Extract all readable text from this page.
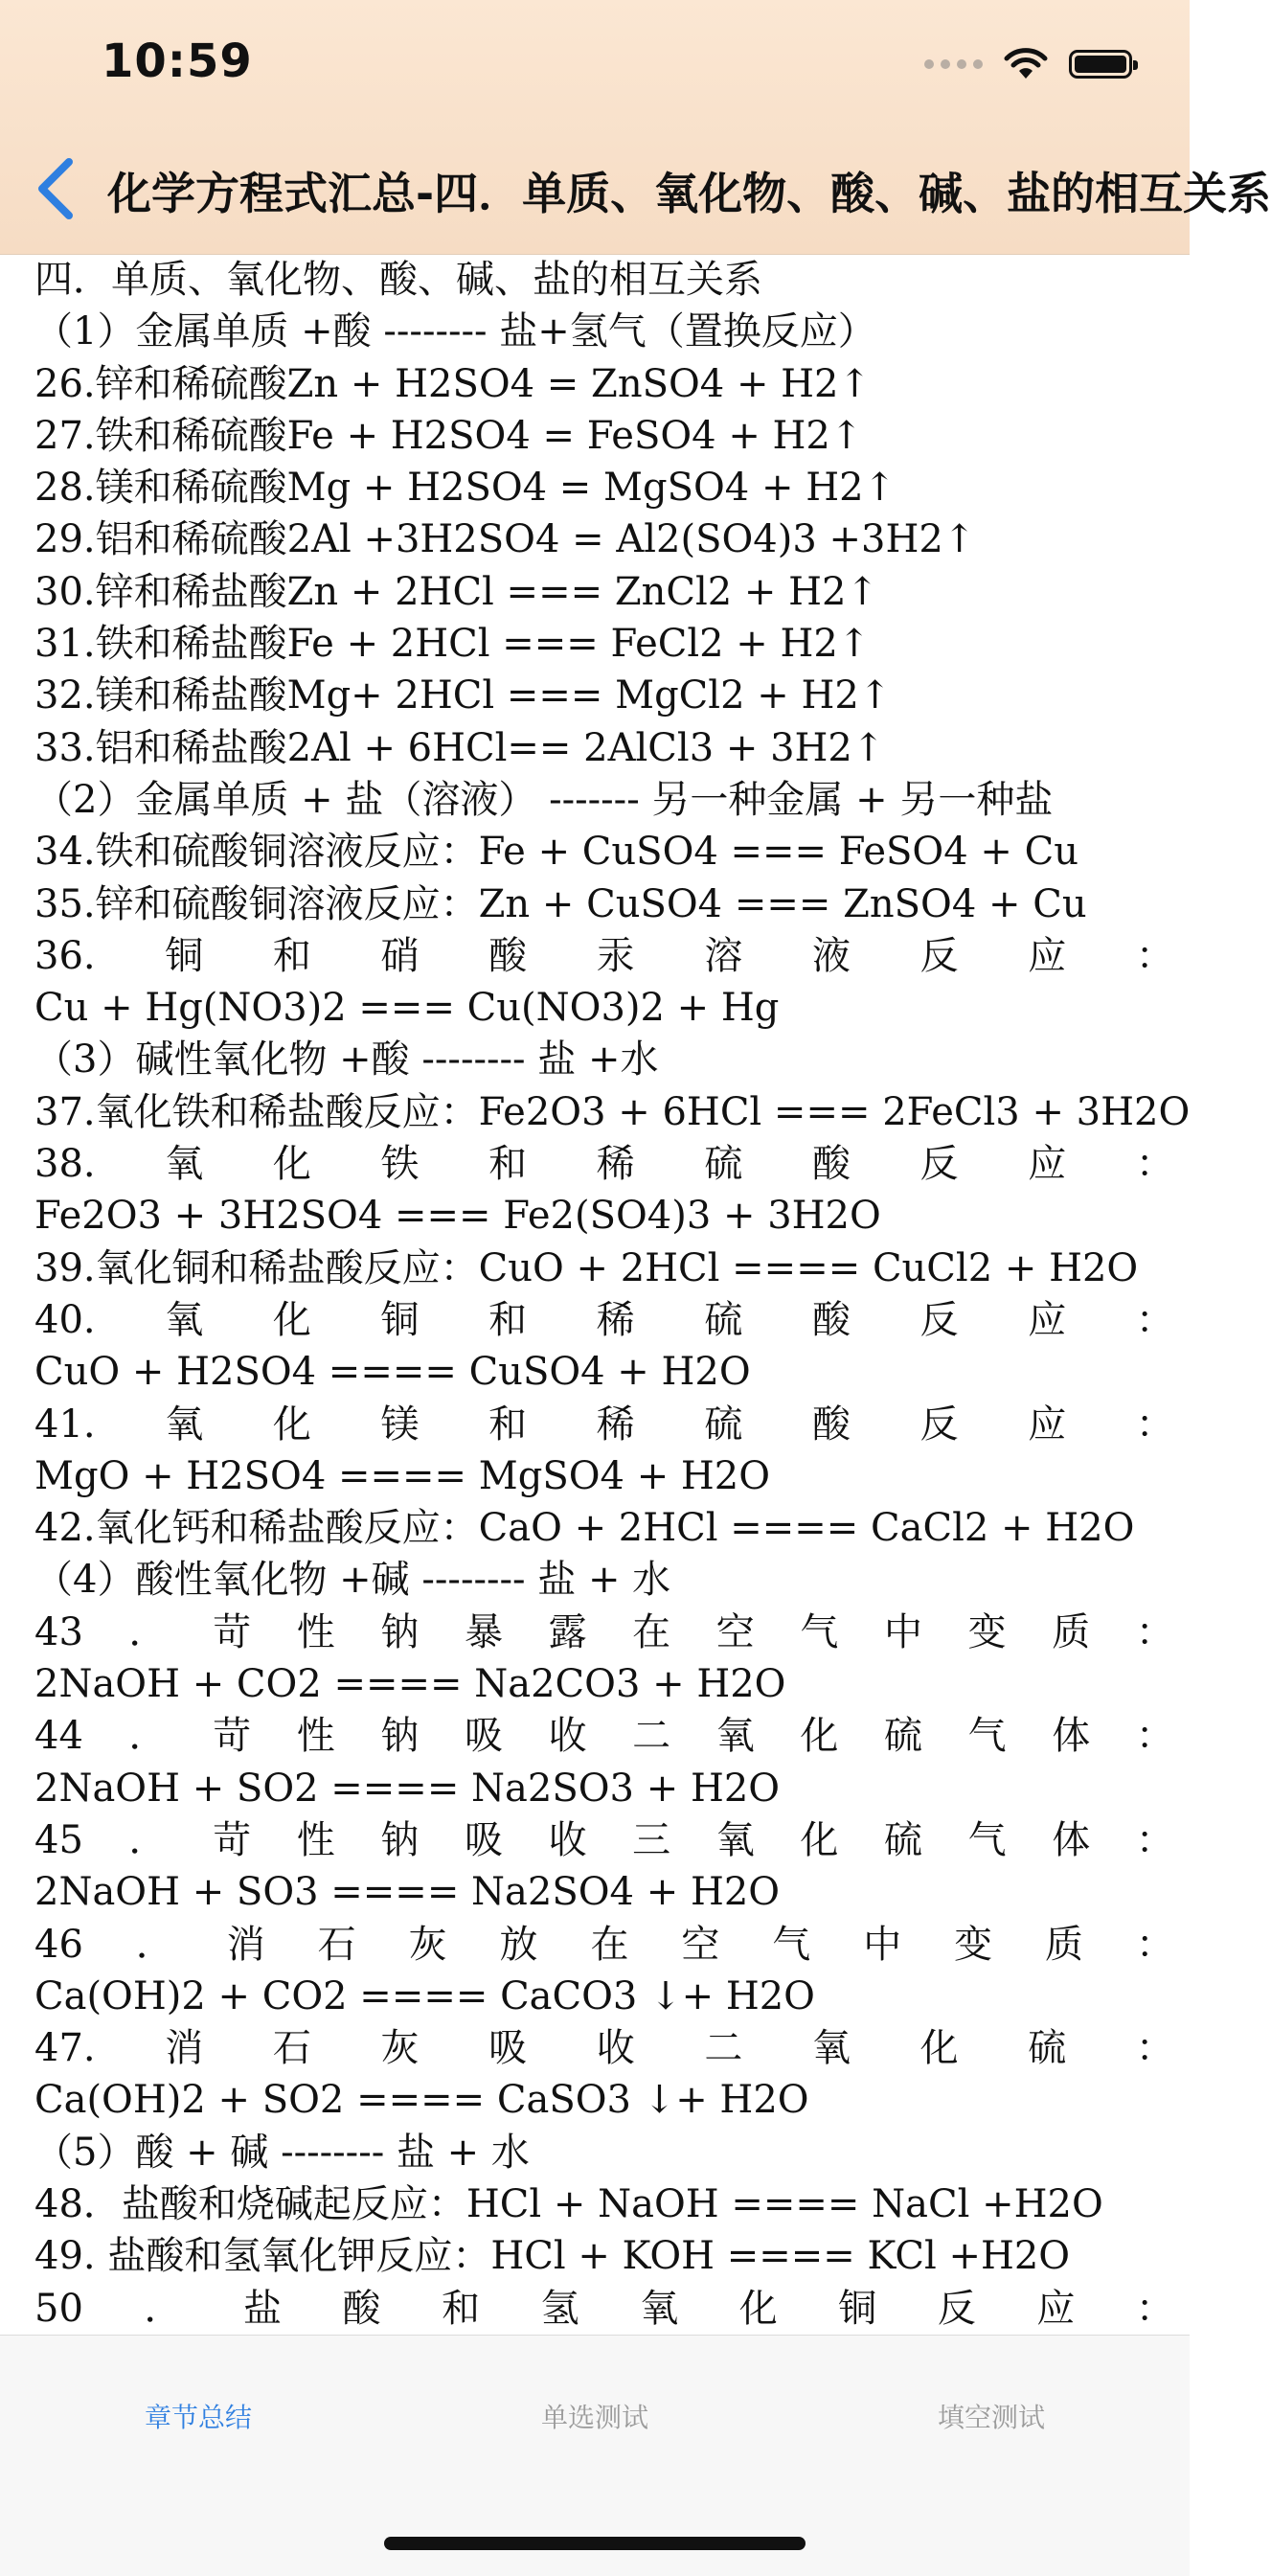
10:59
化学方程式汇总-四．单质、氧化物、酸、碱、盐的相互关系
四．单质、氧化物、酸、碱、盐的相互关系
（1）金属单质 +酸 -------- 盐+氢气（置换反应）
26.锌和稀硫酸Zn + H2SO4 = ZnSO4 + H2↑
27.铁和稀硫酸Fe + H2SO4 = FeSO4 + H2↑
28.镁和稀硫酸Mg + H2SO4 = MgSO4 + H2↑
29.铝和稀硫酸2Al +3H2SO4 = Al2(SO4)3 +3H2↑
30.锌和稀盐酸Zn + 2HCl === ZnCl2 + H2↑
31.铁和稀盐酸Fe + 2HCl === FeCl2 + H2↑
32.镁和稀盐酸Mg+ 2HCl === MgCl2 + H2↑
33.铝和稀盐酸2Al + 6HCl== 2AlCl3 + 3H2↑
（2）金属单质 + 盐（溶液） ------- 另一种金属 + 另一种盐
34.铁和硫酸铜溶液反应：Fe + CuSO4 === FeSO4 + Cu
35.锌和硫酸铜溶液反应：Zn + CuSO4 === ZnSO4 + Cu
36. 铜 和 硝 酸 汞 溶 液 反 应 ：
Cu + Hg(NO3)2 === Cu(NO3)2 + Hg
（3）碱性氧化物 +酸 -------- 盐 +水
37.氧化铁和稀盐酸反应：Fe2O3 + 6HCl === 2FeCl3 + 3H2O
38. 氧 化 铁 和 稀 硫 酸 反 应 ：
Fe2O3 + 3H2SO4 === Fe2(SO4)3 + 3H2O
39.氧化铜和稀盐酸反应：CuO + 2HCl ==== CuCl2 + H2O
40. 氧 化 铜 和 稀 硫 酸 反 应 ：
CuO + H2SO4 ==== CuSO4 + H2O
41. 氧 化 镁 和 稀 硫 酸 反 应 ：
MgO + H2SO4 ==== MgSO4 + H2O
42.氧化钙和稀盐酸反应：CaO + 2HCl ==== CaCl2 + H2O
（4）酸性氧化物 +碱 -------- 盐 + 水
43 ． 苛 性 钠 暴 露 在 空 气 中 变 质 ：
2NaOH + CO2 ==== Na2CO3 + H2O
44 ． 苛 性 钠 吸 收 二 氧 化 硫 气 体 ：
2NaOH + SO2 ==== Na2SO3 + H2O
45 ． 苛 性 钠 吸 收 三 氧 化 硫 气 体 ：
2NaOH + SO3 ==== Na2SO4 + H2O
46 ． 消 石 灰 放 在 空 气 中 变 质 ：
Ca(OH)2 + CO2 ==== CaCO3 ↓+ H2O
47. 消 石 灰 吸 收 二 氧 化 硫 ：
Ca(OH)2 + SO2 ==== CaSO3 ↓+ H2O
（5）酸 + 碱 -------- 盐 + 水
48．盐酸和烧碱起反应：HCl + NaOH ==== NaCl +H2O
49. 盐酸和氢氧化钾反应：HCl + KOH ==== KCl +H2O
50 ． 盐 酸 和 氢 氧 化 铜 反 应 ：
章节总结	单选测试	填空测试
